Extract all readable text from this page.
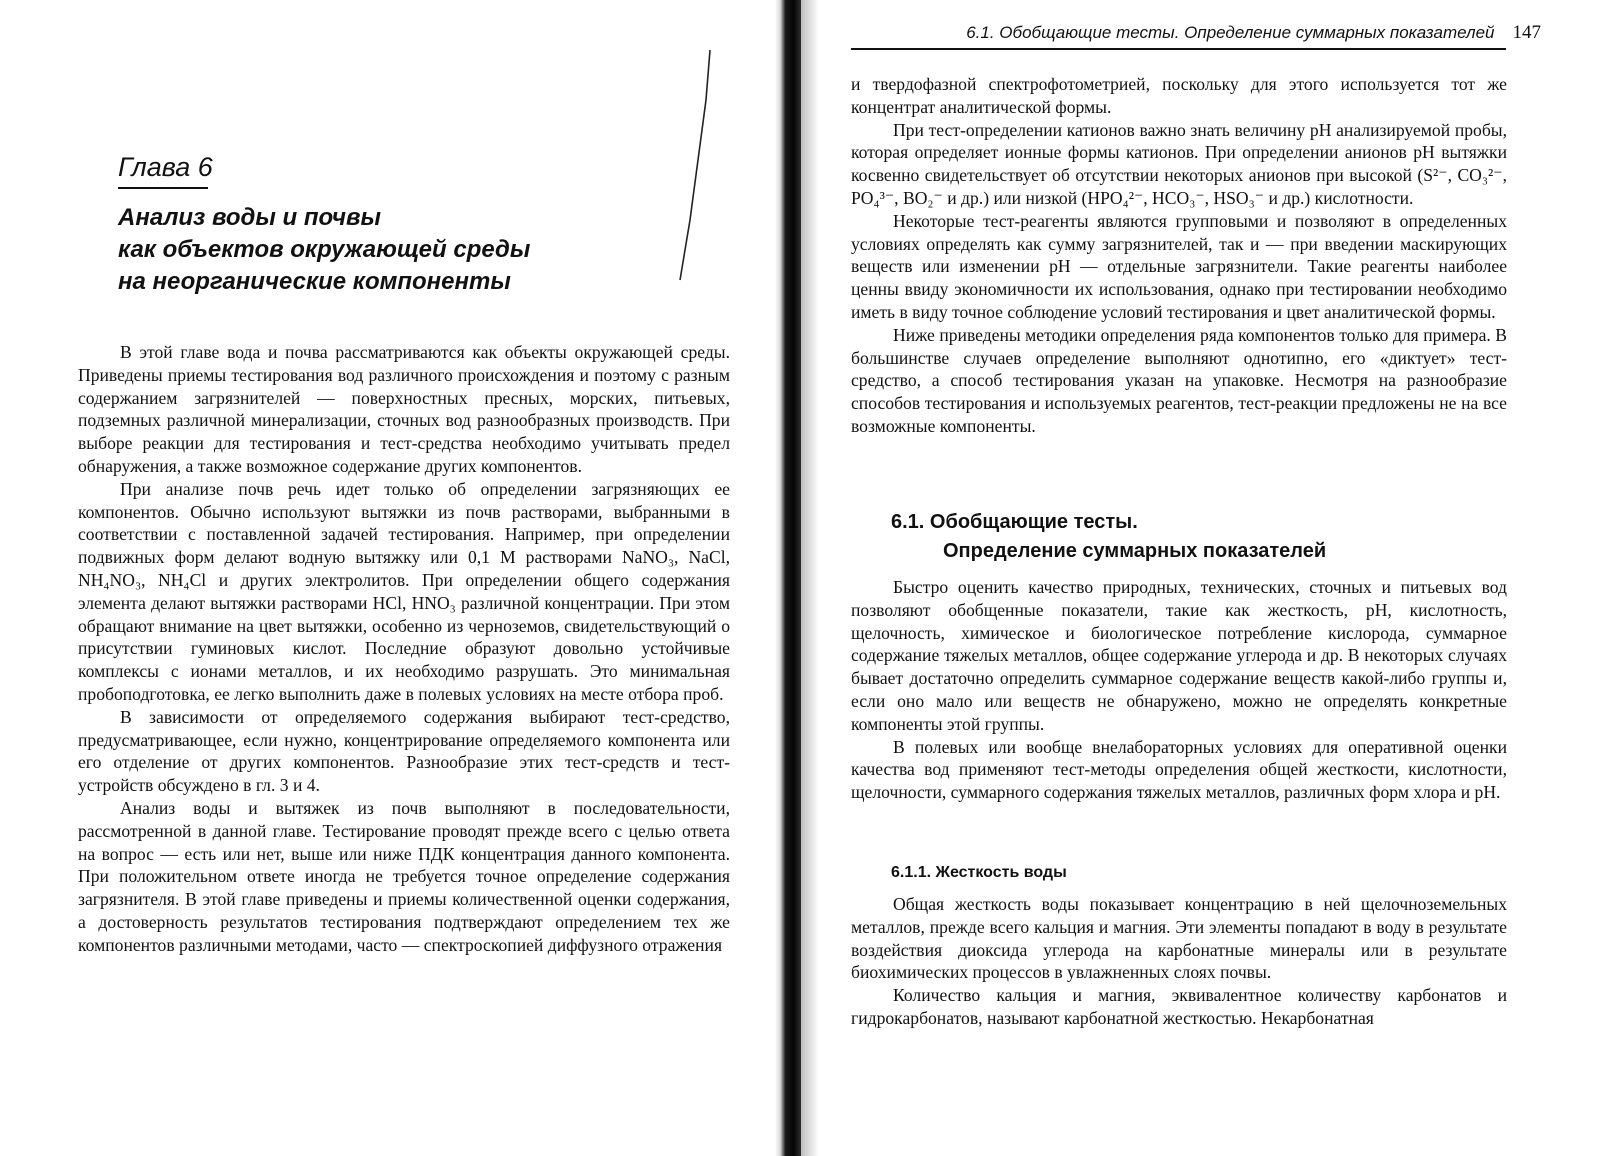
Глава 6
Анализ воды и почвы
как объектов окружающей среды
на неорганические компоненты

В этой главе вода и почва рассматриваются как объекты окружающей среды. Приведены приемы тестирования вод различного происхождения и поэтому с разным содержанием загрязнителей — поверхностных пресных, морских, питьевых, подземных различной минерализации, сточных вод разнообразных производств. При выборе реакции для тестирования и тест-средства необходимо учитывать предел обнаружения, а также возможное содержание других компонентов.

При анализе почв речь идет только об определении загрязняющих ее компонентов. Обычно используют вытяжки из почв растворами, выбранными в соответствии с поставленной задачей тестирования. Например, при определении подвижных форм делают водную вытяжку или 0,1 М растворами NaNO₃, NaCl, NH₄NO₃, NH₄Cl и других электролитов. При определении общего содержания элемента делают вытяжки растворами HCl, HNO₃ различной концентрации. При этом обращают внимание на цвет вытяжки, особенно из черноземов, свидетельствующий о присутствии гуминовых кислот. Последние образуют довольно устойчивые комплексы с ионами металлов, и их необходимо разрушать. Это минимальная пробоподготовка, ее легко выполнить даже в полевых условиях на месте отбора проб.

В зависимости от определяемого содержания выбирают тест-средство, предусматривающее, если нужно, концентрирование определяемого компонента или его отделение от других компонентов. Разнообразие этих тест-средств и тест-устройств обсуждено в гл. 3 и 4.

Анализ воды и вытяжек из почв выполняют в последовательности, рассмотренной в данной главе. Тестирование проводят прежде всего с целью ответа на вопрос — есть или нет, выше или ниже ПДК концентрация данного компонента. При положительном ответе иногда не требуется точное определение содержания загрязнителя. В этой главе приведены и приемы количественной оценки содержания, а достоверность результатов тестирования подтверждают определением тех же компонентов различными методами, часто — спектроскопией диффузного отражения

6.1. Обобщающие тесты. Определение суммарных показателей 147

и твердофазной спектрофотометрией, поскольку для этого используется тот же концентрат аналитической формы.

При тест-определении катионов важно знать величину pH анализируемой пробы, которая определяет ионные формы катионов. При определении анионов pH вытяжки косвенно свидетельствует об отсутствии некоторых анионов при высокой (S²⁻, CO₃²⁻, PO₄³⁻, BO₂⁻ и др.) или низкой (HPO₄²⁻, HCO₃⁻, HSO₃⁻ и др.) кислотности.

Некоторые тест-реагенты являются групповыми и позволяют в определенных условиях определять как сумму загрязнителей, так и — при введении маскирующих веществ или изменении pH — отдельные загрязнители. Такие реагенты наиболее ценны ввиду экономичности их использования, однако при тестировании необходимо иметь в виду точное соблюдение условий тестирования и цвет аналитической формы.

Ниже приведены методики определения ряда компонентов только для примера. В большинстве случаев определение выполняют однотипно, его «диктует» тест-средство, а способ тестирования указан на упаковке. Несмотря на разнообразие способов тестирования и используемых реагентов, тест-реакции предложены не на все возможные компоненты.

6.1. Обобщающие тесты.
Определение суммарных показателей

Быстро оценить качество природных, технических, сточных и питьевых вод позволяют обобщенные показатели, такие как жесткость, pH, кислотность, щелочность, химическое и биологическое потребление кислорода, суммарное содержание тяжелых металлов, общее содержание углерода и др. В некоторых случаях бывает достаточно определить суммарное содержание веществ какой-либо группы и, если оно мало или веществ не обнаружено, можно не определять конкретные компоненты этой группы.

В полевых или вообще внелабораторных условиях для оперативной оценки качества вод применяют тест-методы определения общей жесткости, кислотности, щелочности, суммарного содержания тяжелых металлов, различных форм хлора и pH.

6.1.1. Жесткость воды

Общая жесткость воды показывает концентрацию в ней щелочноземельных металлов, прежде всего кальция и магния. Эти элементы попадают в воду в результате воздействия диоксида углерода на карбонатные минералы или в результате биохимических процессов в увлажненных слоях почвы.

Количество кальция и магния, эквивалентное количеству карбонатов и гидрокарбонатов, называют карбонатной жесткостью. Некарбонатная
